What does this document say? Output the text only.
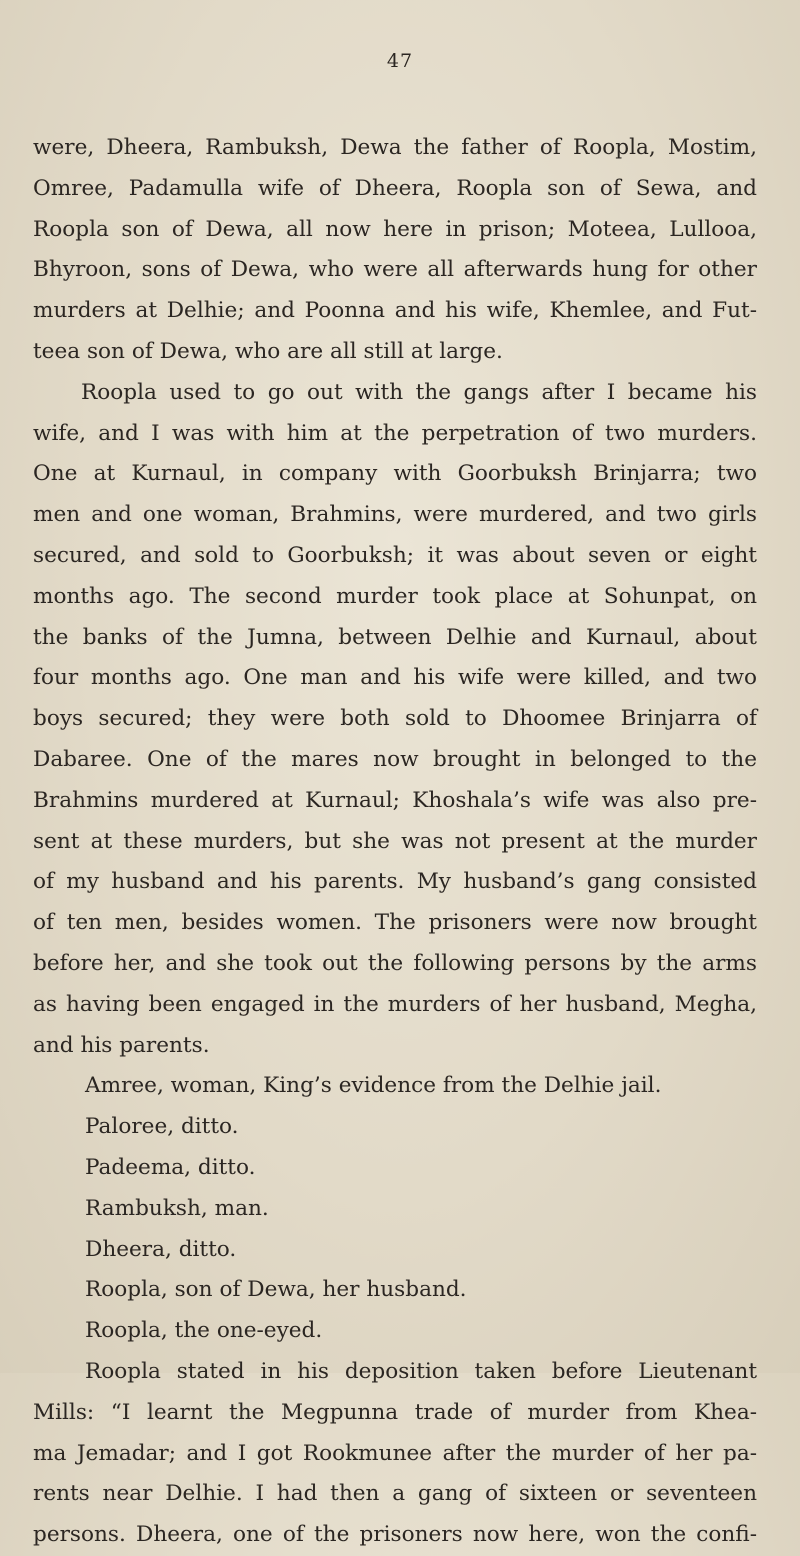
47
were, Dheera, Rambuksh, Dewa the father of Roopla, Mostim,
Omree, Padamulla wife of Dheera, Roopla son of Sewa, and
Roopla son of Dewa, all now here in prison; Moteea, Lullooa,
Bhyroon, sons of Dewa, who were all afterwards hung for other
murders at Delhie; and Poonna and his wife, Khemlee, and Fut-
teea son of Dewa, who are all still at large.
Roopla used to go out with the gangs after I became his
wife, and I was with him at the perpetration of two murders.
One at Kurnaul, in company with Goorbuksh Brinjarra; two
men and one woman, Brahmins, were murdered, and two girls
secured, and sold to Goorbuksh; it was about seven or eight
months ago. The second murder took place at Sohunpat, on
the banks of the Jumna, between Delhie and Kurnaul, about
four months ago. One man and his wife were killed, and two
boys secured; they were both sold to Dhoomee Brinjarra of
Dabaree. One of the mares now brought in belonged to the
Brahmins murdered at Kurnaul; Khoshala’s wife was also pre-
sent at these murders, but she was not present at the murder
of my husband and his parents. My husband’s gang consisted
of ten men, besides women. The prisoners were now brought
before her, and she took out the following persons by the arms
as having been engaged in the murders of her husband, Megha,
and his parents.
Amree, woman, King’s evidence from the Delhie jail.
Paloree, ditto.
Padeema, ditto.
Rambuksh, man.
Dheera, ditto.
Roopla, son of Dewa, her husband.
Roopla, the one-eyed.
Roopla stated in his deposition taken before Lieutenant
Mills: “I learnt the Megpunna trade of murder from Khea-
ma Jemadar; and I got Rookmunee after the murder of her pa-
rents near Delhie. I had then a gang of sixteen or seventeen
persons. Dheera, one of the prisoners now here, won the confi-
